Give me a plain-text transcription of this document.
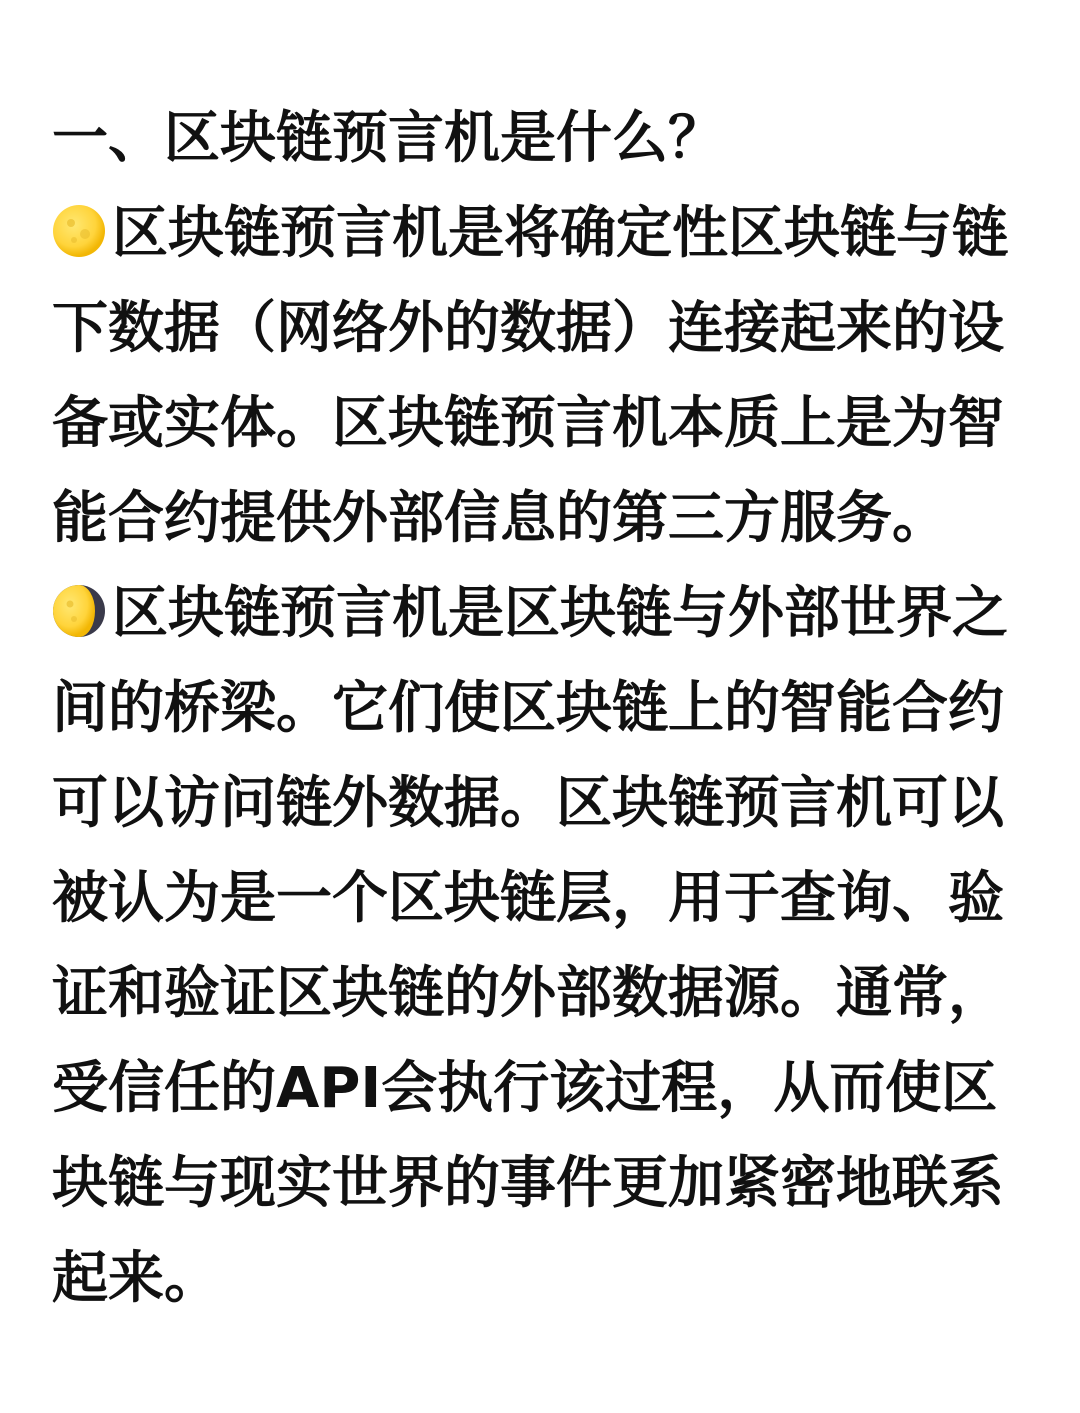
一、区块链预言机是什么？
区块链预言机是将确定性区块链与链
下数据（网络外的数据）连接起来的设
备或实体。区块链预言机本质上是为智
能合约提供外部信息的第三方服务。
区块链预言机是区块链与外部世界之
间的桥梁。它们使区块链上的智能合约
可以访问链外数据。区块链预言机可以
被认为是一个区块链层，用于查询、验
证和验证区块链的外部数据源。通常，
受信任的API会执行该过程，从而使区
块链与现实世界的事件更加紧密地联系
起来。
